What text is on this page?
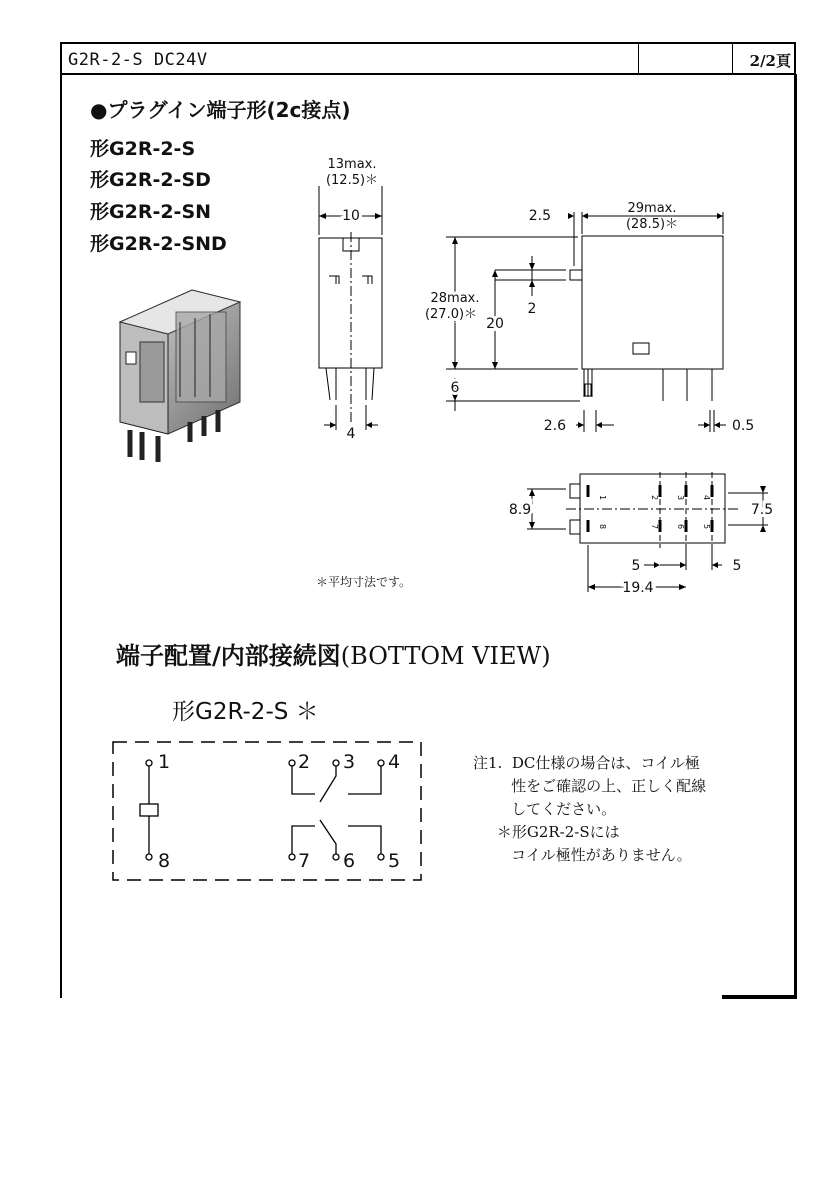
G2R-2-S DC24V	2/2頁
●プラグイン端子形(2c接点)
形G2R-2-S
形G2R-2-SD
形G2R-2-SN
形G2R-2-SND
13max.
(12.5)＊
10
4
2.5	29max.
(28.5)＊
28max.
(27.0)＊
20
2
6
2.6	0.5
8.9	7.5
5	5
19.4
1	2 3 4
8	7 6 5
＊平均寸法です。
端子配置/内部接続図(BOTTOM VIEW)
形G2R-2-S ＊
1	2 3 4
8	7 6 5
注1.  DC仕様の場合は、コイル極
性をご確認の上、正しく配線
してください。
＊形G2R-2-Sには
コイル極性がありません。
